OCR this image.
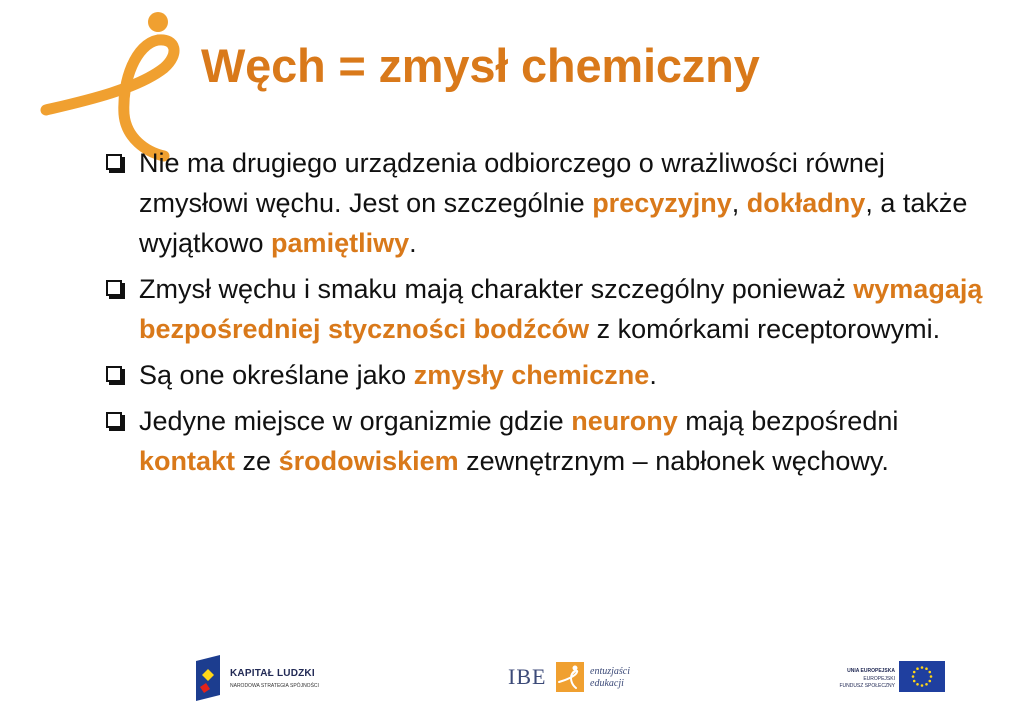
Węch = zmysł chemiczny
Nie ma drugiego urządzenia odbiorczego o wrażliwości równej zmysłowi węchu. Jest on szczególnie precyzyjny, dokładny, a także wyjątkowo pamiętliwy.
Zmysł węchu i smaku mają charakter szczególny ponieważ wymagają bezpośredniej styczności bodźców z komórkami receptorowymi.
Są one określane jako zmysły chemiczne.
Jedyne miejsce w organizmie gdzie neurony mają bezpośredni kontakt ze środowiskiem zewnętrznym – nabłonek węchowy.
KAPITAŁ LUDZKI
NARODOWA STRATEGIA SPÓJNOŚCI	IBE	entuzjaści
edukacji
UNIA EUROPEJSKA
EUROPEJSKI
FUNDUSZ SPOŁECZNY
